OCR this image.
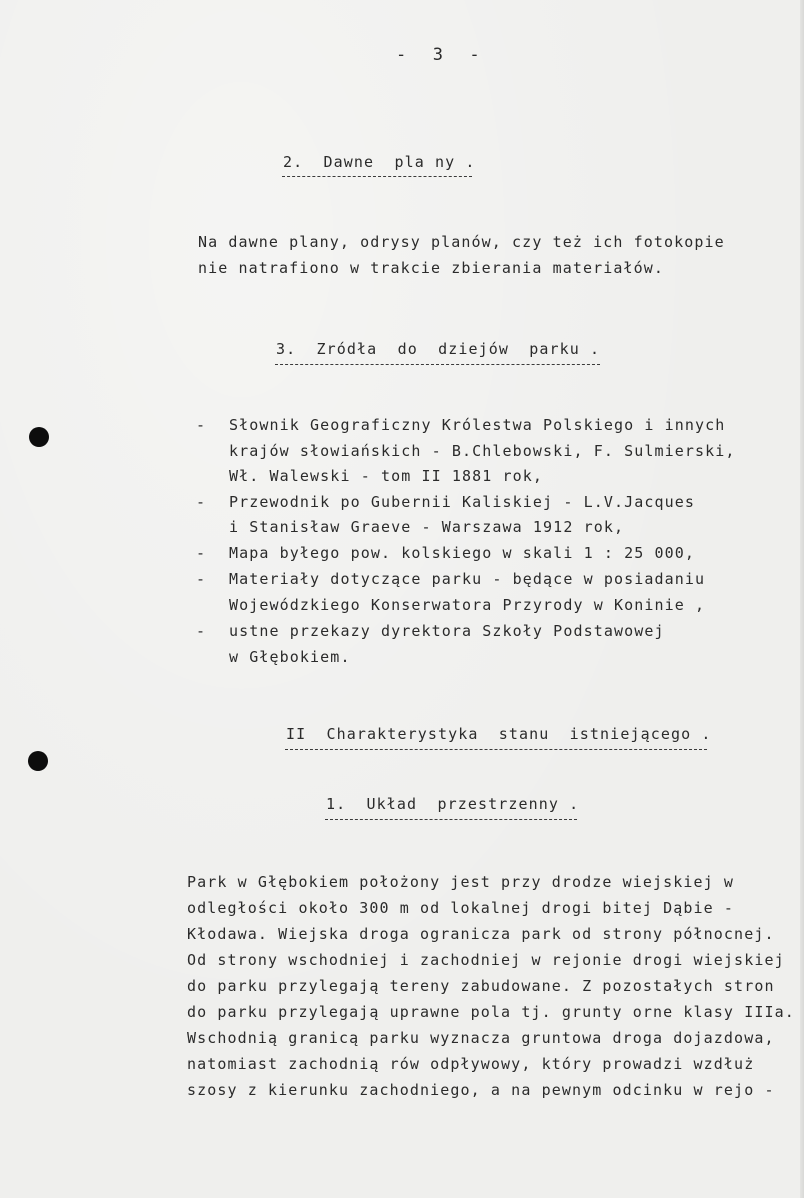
-  3  -
2.  Dawne  pla ny .
Na dawne plany, odrysy planów, czy też ich fotokopie
nie natrafiono w trakcie zbierania materiałów.
3.  Zródła  do  dziejów  parku .
- Słownik Geograficzny Królestwa Polskiego i innych
krajów słowiańskich - B.Chlebowski, F. Sulmierski,
Wł. Walewski - tom II 1881 rok,
- Przewodnik po Gubernii Kaliskiej - L.V.Jacques
i Stanisław Graeve - Warszawa 1912 rok,
- Mapa byłego pow. kolskiego w skali 1 : 25 000,
- Materiały dotyczące parku - będące w posiadaniu
Wojewódzkiego Konserwatora Przyrody w Koninie ,
- ustne przekazy dyrektora Szkoły Podstawowej
w Głębokiem.
II  Charakterystyka  stanu  istniejącego .
1.  Układ  przestrzenny .
Park w Głębokiem położony jest przy drodze wiejskiej w
odległości około 300 m od lokalnej drogi bitej Dąbie -
Kłodawa. Wiejska droga ogranicza park od strony północnej.
Od strony wschodniej i zachodniej w rejonie drogi wiejskiej
do parku przylegają tereny zabudowane. Z pozostałych stron
do parku przylegają uprawne pola tj. grunty orne klasy IIIa.
Wschodnią granicą parku wyznacza gruntowa droga dojazdowa,
natomiast zachodnią rów odpływowy, który prowadzi wzdłuż
szosy z kierunku zachodniego, a na pewnym odcinku w rejo -
